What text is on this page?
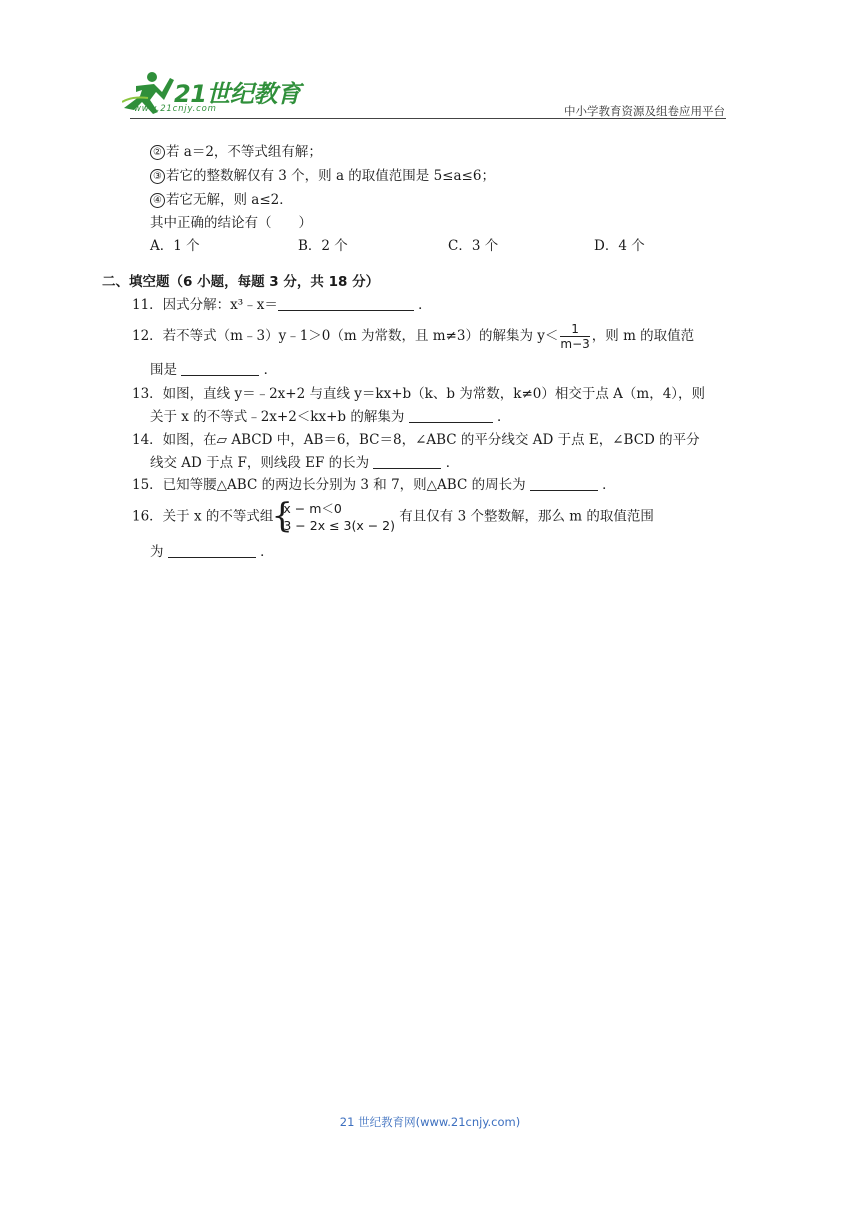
21世纪教育
www.21cnjy.com	中小学教育资源及组卷应用平台
② 若 a＝2，不等式组有解；
③ 若它的整数解仅有 3 个，则 a 的取值范围是 5≤a≤6；
④ 若它无解，则 a≤2．
其中正确的结论有（　　）
A．1 个	B．2 个	C．3 个	D．4 个
二、填空题（6 小题，每题 3 分，共 18 分）
11．因式分解：x³﹣x＝	．
12．若不等式（m﹣3）y﹣1＞0（m 为常数，且 m≠3）的解集为 $y< \frac{1}{m-3}$ ，则 m 的取值范
围是	．
13．如图，直线 y＝﹣2x+2 与直线 y＝kx+b（k、b 为常数，k≠0）相交于点 A（m，4），则
关于 x 的不等式﹣2x+2＜kx+b 的解集为	．
14．如图，在▱ ABCD 中，AB＝6，BC＝8，∠ABC 的平分线交 AD 于点 E，∠BCD 的平分
线交 AD 于点 F，则线段 EF 的长为	．
15．已知等腰△ABC 的两边长分别为 3 和 7，则△ABC 的周长为	．
16．关于 x 的不等式组
{
x − m＜0
3 − 2x ≤ 3(x − 2)
有且仅有 3 个整数解，那么 m 的取值范围
为	．
21 世纪教育网(www.21cnjy.com)
